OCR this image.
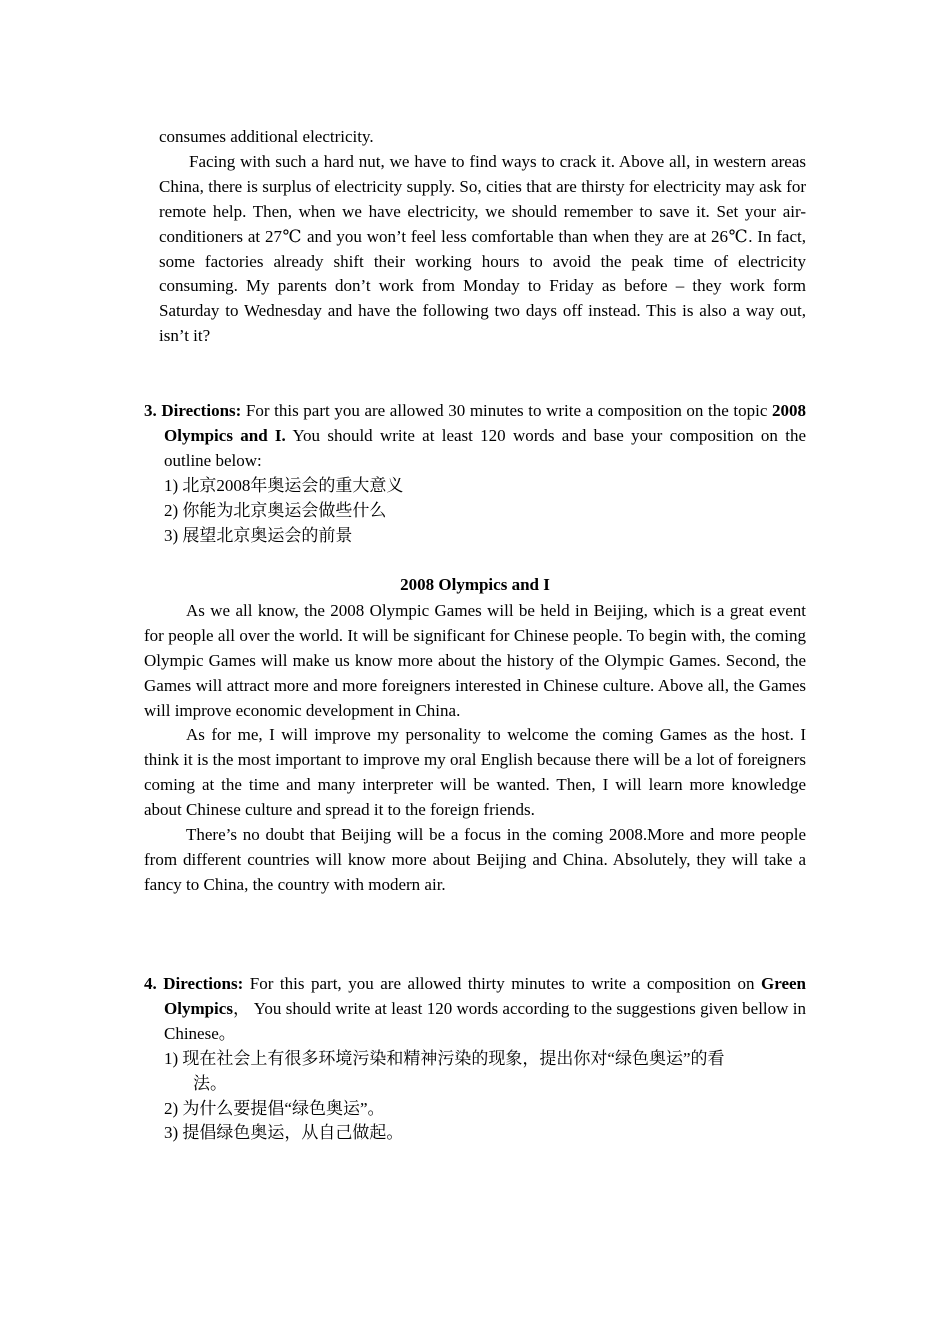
consumes additional electricity.

Facing with such a hard nut, we have to find ways to crack it. Above all, in western areas China, there is surplus of electricity supply. So, cities that are thirsty for electricity may ask for remote help. Then, when we have electricity, we should remember to save it. Set your air-conditioners at 27℃ and you won’t feel less comfortable than when they are at 26℃. In fact, some factories already shift their working hours to avoid the peak time of electricity consuming. My parents don’t work from Monday to Friday as before – they work form Saturday to Wednesday and have the following two days off instead. This is also a way out, isn’t it?

3. Directions: For this part you are allowed 30 minutes to write a composition on the topic 2008 Olympics and I. You should write at least 120 words and base your composition on the outline below:

1) 北京2008年奥运会的重大意义

2) 你能为北京奥运会做些什么

3) 展望北京奥运会的前景

2008 Olympics and I

As we all know, the 2008 Olympic Games will be held in Beijing, which is a great event for people all over the world. It will be significant for Chinese people. To begin with, the coming Olympic Games will make us know more about the history of the Olympic Games. Second, the Games will attract more and more foreigners interested in Chinese culture. Above all, the Games will improve economic development in China.

As for me, I will improve my personality to welcome the coming Games as the host. I think it is the most important to improve my oral English because there will be a lot of foreigners coming at the time and many interpreter will be wanted. Then, I will learn more knowledge about Chinese culture and spread it to the foreign friends.

There’s no doubt that Beijing will be a focus in the coming 2008.More and more people from different countries will know more about Beijing and China. Absolutely, they will take a fancy to China, the country with modern air.

4. Directions: For this part, you are allowed thirty minutes to write a composition on Green Olympics， You should write at least 120 words according to the suggestions given bellow in Chinese。

1) 现在社会上有很多环境污染和精神污染的现象，提出你对“绿色奥运”的看

法。

2) 为什么要提倡“绿色奥运”。

3) 提倡绿色奥运，从自己做起。
